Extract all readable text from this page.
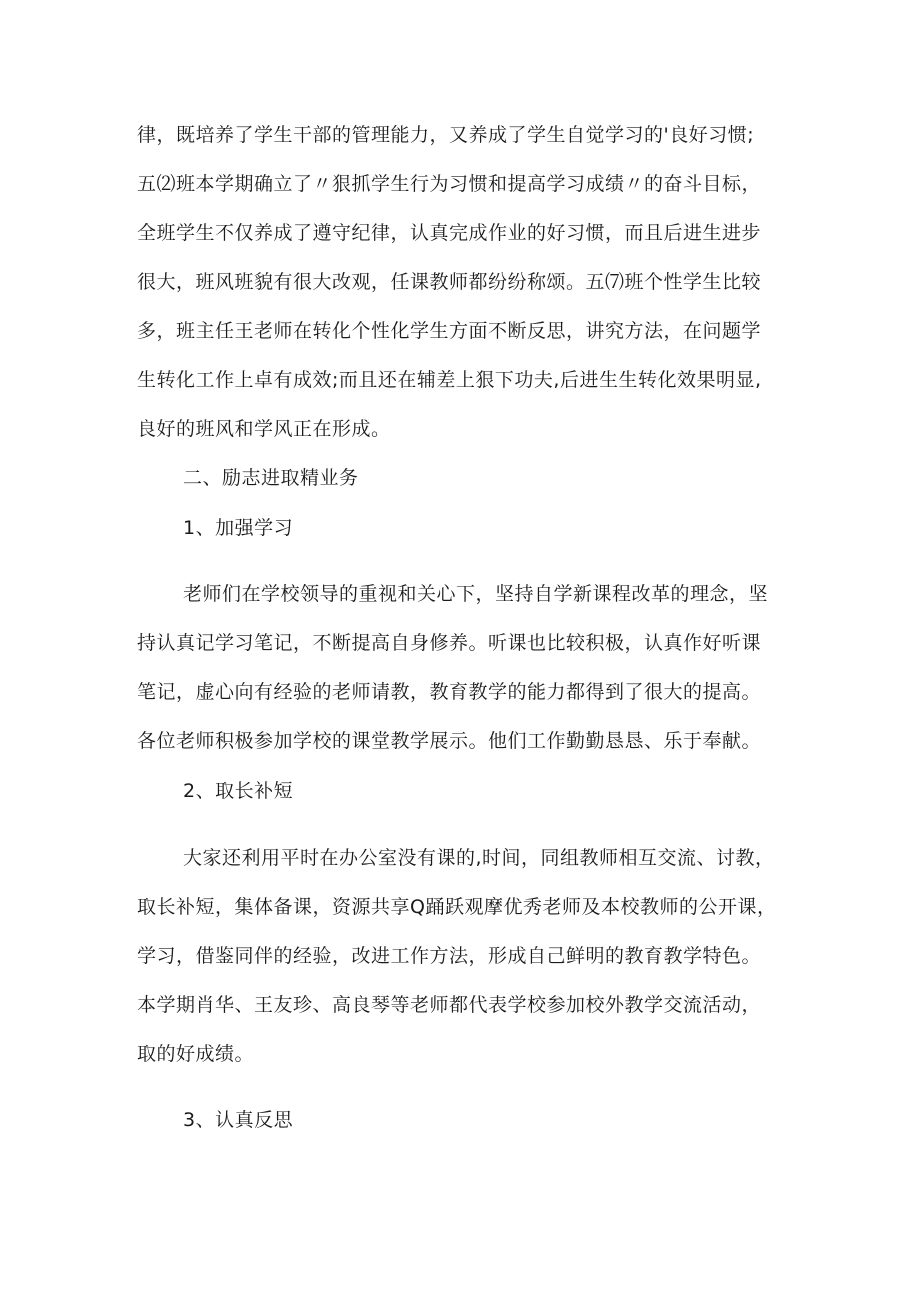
律，既培养了学生干部的管理能力，又养成了学生自觉学习的'良好习惯;
五⑵班本学期确立了〃狠抓学生行为习惯和提高学习成绩〃的奋斗目标，
全班学生不仅养成了遵守纪律，认真完成作业的好习惯，而且后进生进步
很大，班风班貌有很大改观，任课教师都纷纷称颂。五⑺班个性学生比较
多，班主任王老师在转化个性化学生方面不断反思，讲究方法，在问题学
生转化工作上卓有成效;而且还在辅差上狠下功夫,后进生生转化效果明显,
良好的班风和学风正在形成。
二、励志进取精业务
1、加强学习
老师们在学校领导的重视和关心下，坚持自学新课程改革的理念，坚
持认真记学习笔记，不断提高自身修养。听课也比较积极，认真作好听课
笔记，虚心向有经验的老师请教，教育教学的能力都得到了很大的提高。
各位老师积极参加学校的课堂教学展示。他们工作勤勤恳恳、乐于奉献。
2、取长补短
大家还利用平时在办公室没有课的,时间，同组教师相互交流、讨教，
取长补短，集体备课，资源共享Q踊跃观摩优秀老师及本校教师的公开课，
学习，借鉴同伴的经验，改进工作方法，形成自己鲜明的教育教学特色。
本学期肖华、王友珍、高良琴等老师都代表学校参加校外教学交流活动，
取的好成绩。
3、认真反思
